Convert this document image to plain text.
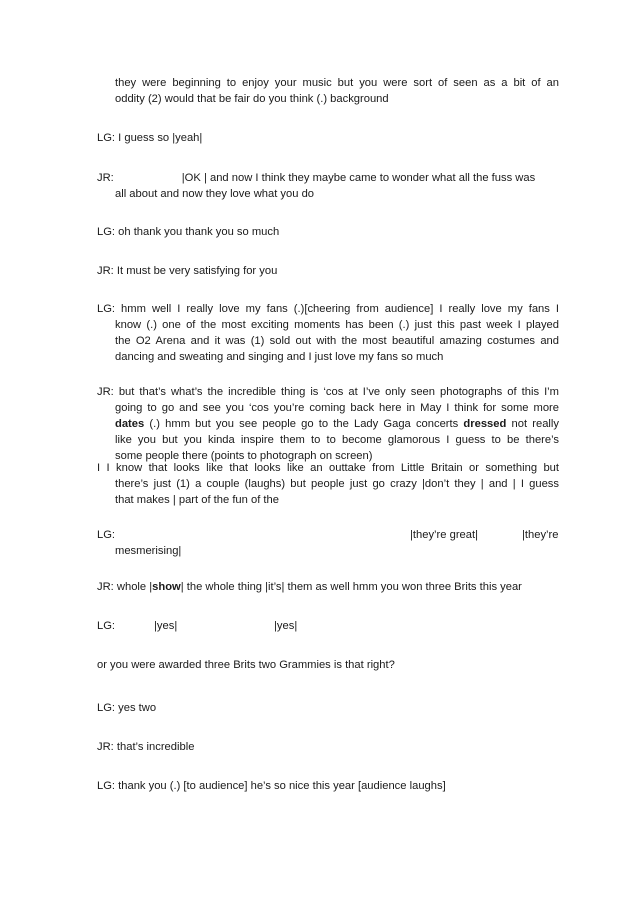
they were beginning to enjoy your music but you were sort of seen as a bit of an
oddity (2) would that be fair do you think (.) background
LG: I guess so |yeah|
JR:	|OK | and now I think they maybe came to wonder what all the fuss was
all about and now they love what you do
LG: oh thank you thank you so much
JR: It must be very satisfying for you
LG: hmm well I really love my fans (.)[cheering from audience] I really love my fans I
know (.) one of the most exciting moments has been (.) just this past week I played
the O2 Arena and it was (1) sold out with the most beautiful amazing costumes and
dancing and sweating and singing and I just love my fans so much
JR: but that’s what’s the incredible thing is ‘cos at I’ve only seen photographs of this I’m
going to go and see you ‘cos you’re coming back here in May I think for some more
dates (.) hmm but you see people go to the Lady Gaga concerts dressed not really
like you but you kinda inspire them to to become glamorous I guess to be there’s
some people there (points to photograph on screen)
I I know that looks like that looks like an outtake from Little Britain or something but
there’s just (1) a couple (laughs) but people just go crazy |don’t they | and | I guess
that makes | part of the fun of the
LG:	|they’re great|	|they’re
mesmerising|
JR: whole |show| the whole thing |it’s| them as well hmm you won three Brits this year
LG:	|yes|	|yes|
or you were awarded three Brits two Grammies is that right?
LG: yes two
JR: that’s incredible
LG: thank you (.) [to audience] he’s so nice this year [audience laughs]
